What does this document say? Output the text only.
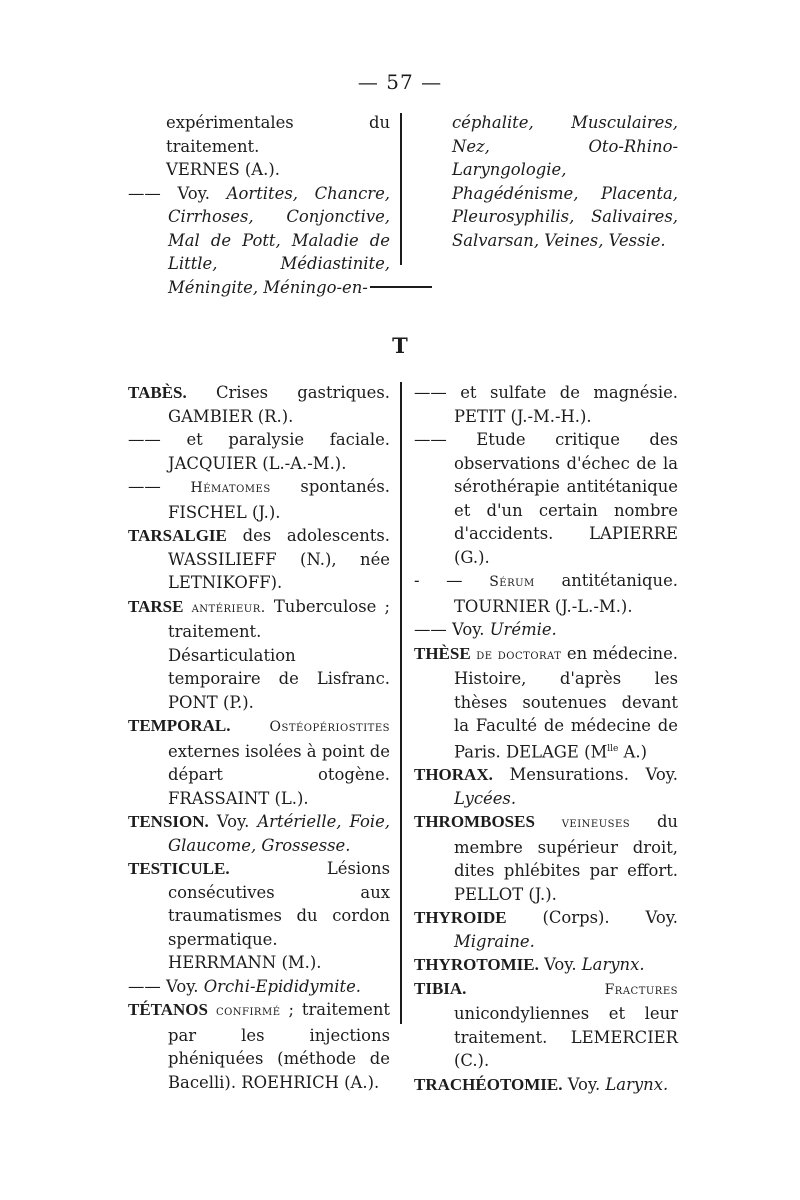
— 57 —

expérimentales du traitement.
VERNES (A.).

—— Voy. Aortites, Chancre, Cirrhoses, Conjonctive, Mal de Pott, Maladie de Little, Médiastinite, Méningite, Méningo-en-

céphalite, Musculaires, Nez, Oto-Rhino-Laryngologie, Phagédénisme, Placenta, Pleurosyphilis, Salivaires, Salvarsan, Veines, Vessie.

T

TABÈS. Crises gastriques. GAMBIER (R.).

—— et paralysie faciale. JACQUIER (L.-A.-M.).

—— Hématomes spontanés. FISCHEL (J.).

TARSALGIE des adolescents. WASSILIEFF (N.), née LETNIKOFF).

TARSE antérieur. Tuberculose ; traitement. Désarticulation temporaire de Lisfranc. PONT (P.).

TEMPORAL.	Ostéopériostites externes isolées à point de départ otogène. FRASSAINT (L.).

TENSION. Voy. Artérielle, Foie, Glaucome, Grossesse.

TESTICULE.	Lésions consécutives aux traumatismes du cordon spermatique. HERRMANN (M.).

—— Voy. Orchi-Epididymite.

TÉTANOS confirmé ; traitement par les injections phéniquées (méthode de Bacelli). ROEHRICH (A.).

—— et sulfate de magnésie. PETIT (J.-M.-H.).

—— Etude critique des observations d'échec de la sérothérapie antitétanique et d'un certain nombre d'accidents. LAPIERRE (G.).

- — Sérum antitétanique. TOURNIER (J.-L.-M.).

—— Voy. Urémie.

THÈSE de doctorat en médecine. Histoire, d'après les thèses soutenues devant la Faculté de médecine de Paris. DELAGE ($M^{lle}$ A.)

THORAX. Mensurations. Voy. Lycées.

THROMBOSES veineuses du membre supérieur droit, dites phlébites par effort. PELLOT (J.).

THYROIDE (Corps). Voy. Migraine.

THYROTOMIE. Voy. Larynx.

TIBIA.	Fractures unicondyliennes et leur traitement. LEMERCIER (C.).

TRACHÉOTOMIE. Voy. Larynx.
